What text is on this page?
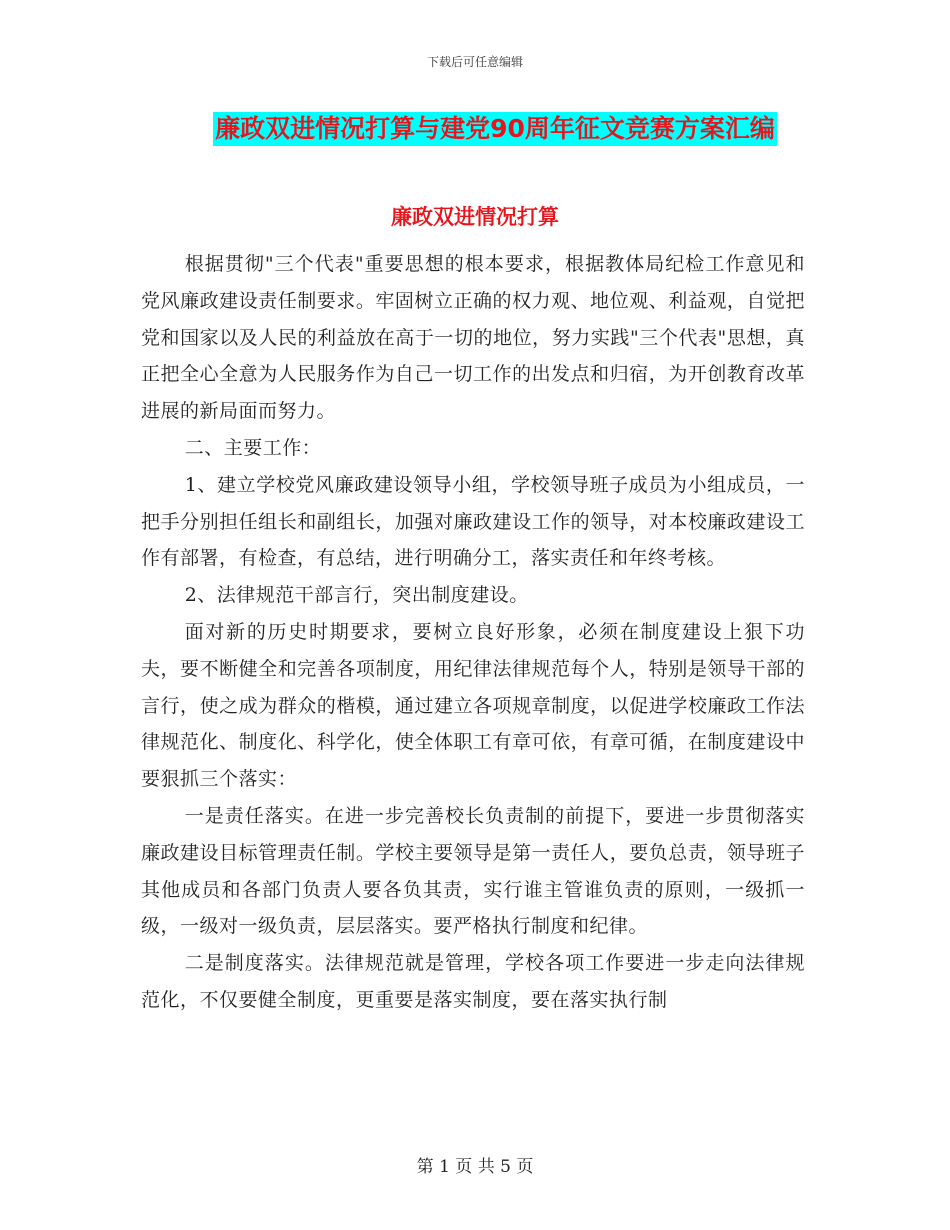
下载后可任意编辑
廉政双进情况打算与建党90周年征文竞赛方案汇编
廉政双进情况打算

根据贯彻"三个代表"重要思想的根本要求，根据教体局纪检工作意见和党风廉政建设责任制要求。牢固树立正确的权力观、地位观、利益观，自觉把党和国家以及人民的利益放在高于一切的地位，努力实践"三个代表"思想，真正把全心全意为人民服务作为自己一切工作的出发点和归宿，为开创教育改革进展的新局面而努力。

二、主要工作：

1、建立学校党风廉政建设领导小组，学校领导班子成员为小组成员，一把手分别担任组长和副组长，加强对廉政建设工作的领导，对本校廉政建设工作有部署，有检查，有总结，进行明确分工，落实责任和年终考核。

2、法律规范干部言行，突出制度建设。

面对新的历史时期要求，要树立良好形象，必须在制度建设上狠下功夫，要不断健全和完善各项制度，用纪律法律规范每个人，特别是领导干部的言行，使之成为群众的楷模，通过建立各项规章制度，以促进学校廉政工作法律规范化、制度化、科学化，使全体职工有章可依，有章可循，在制度建设中要狠抓三个落实：

一是责任落实。在进一步完善校长负责制的前提下，要进一步贯彻落实廉政建设目标管理责任制。学校主要领导是第一责任人，要负总责，领导班子其他成员和各部门负责人要各负其责，实行谁主管谁负责的原则，一级抓一级，一级对一级负责，层层落实。要严格执行制度和纪律。

二是制度落实。法律规范就是管理，学校各项工作要进一步走向法律规范化，不仅要健全制度，更重要是落实制度，要在落实执行制

第 1 页 共 5 页
